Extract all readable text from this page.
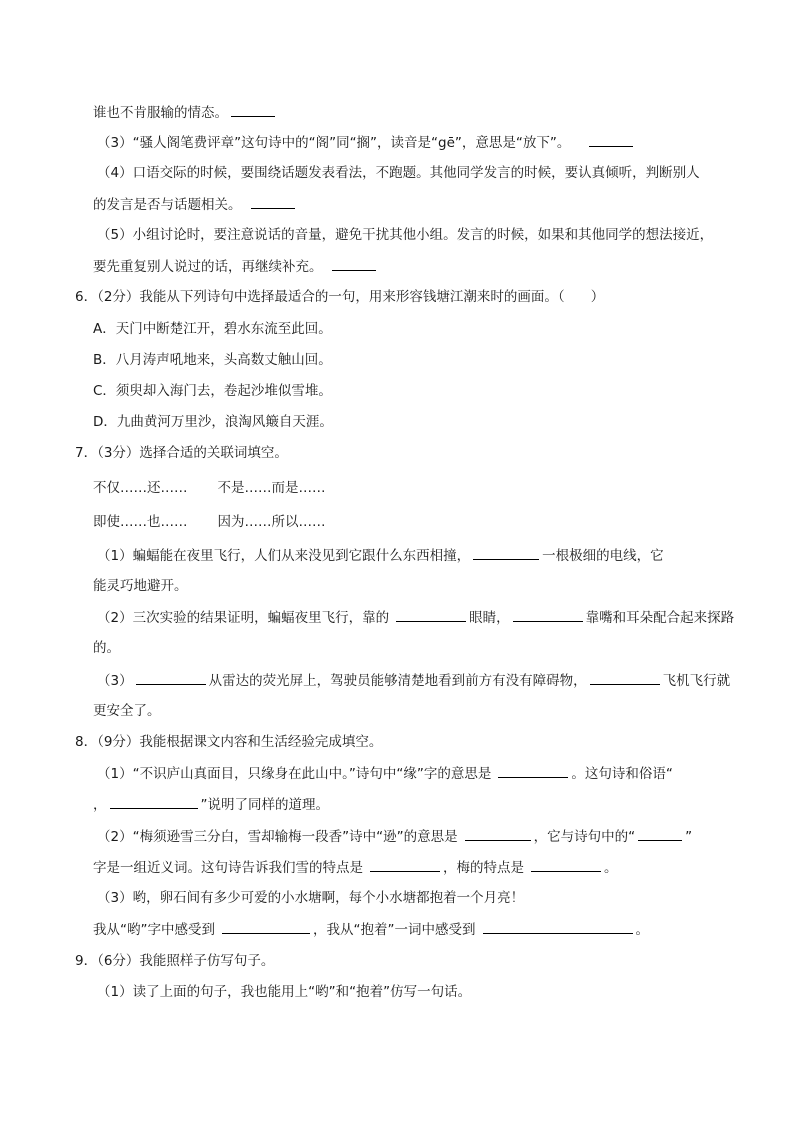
谁也不肯服输的情态。
（3）“骚人阁笔费评章”这句诗中的“阁”同“搁”，读音是“gē”，意思是“放下”。
（4）口语交际的时候，要围绕话题发表看法，不跑题。其他同学发言的时候，要认真倾听，判断别人
的发言是否与话题相关。
（5）小组讨论时，要注意说话的音量，避免干扰其他小组。发言的时候，如果和其他同学的想法接近，
要先重复别人说过的话，再继续补充。
6．（2分）我能从下列诗句中选择最适合的一句，用来形容钱塘江潮来时的画面。（ ）
A．天门中断楚江开，碧水东流至此回。
B．八月涛声吼地来，头高数丈触山回。
C．须臾却入海门去，卷起沙堆似雪堆。
D．九曲黄河万里沙，浪淘风簸自天涯。
7．（3分）选择合适的关联词填空。
不仅……还…… 不是……而是……
即使……也…… 因为……所以……
（1）蝙蝠能在夜里飞行，人们从来没见到它跟什么东西相撞，	一根极细的电线，它
能灵巧地避开。
（2）三次实验的结果证明，蝙蝠夜里飞行，靠的	眼睛，	靠嘴和耳朵配合起来探路
的。
（3）	从雷达的荧光屏上，驾驶员能够清楚地看到前方有没有障碍物，	飞机飞行就
更安全了。
8．（9分）我能根据课文内容和生活经验完成填空。
（1）“不识庐山真面目，只缘身在此山中。”诗句中“缘”字的意思是	。这句诗和俗语“
，	”说明了同样的道理。
（2）“梅须逊雪三分白，雪却输梅一段香”诗中“逊”的意思是	，它与诗句中的“	”
字是一组近义词。这句诗告诉我们雪的特点是	，梅的特点是	。
（3）哟，卵石间有多少可爱的小水塘啊，每个小水塘都抱着一个月亮！
我从“哟”字中感受到	，我从“抱着”一词中感受到	。
9．（6分）我能照样子仿写句子。
（1）读了上面的句子，我也能用上“哟”和“抱着”仿写一句话。
